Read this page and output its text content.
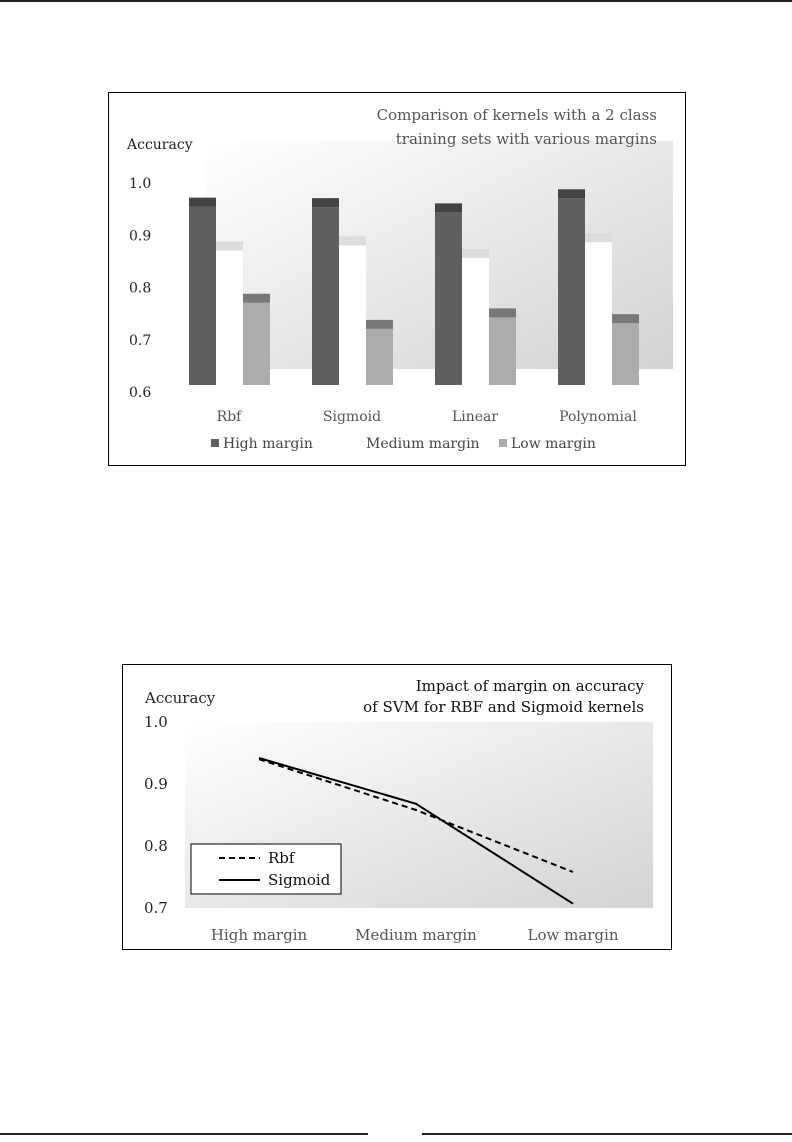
Comparison of kernels with a 2 class
training sets with various margins
Accuracy
1.0
0.9
0.8
0.7
0.6
Rbf	Sigmoid	Linear	Polynomial
High margin	Medium margin Low margin
Impact of margin on accuracy
of SVM for RBF and Sigmoid kernels
Accuracy
1.0
0.9
0.8
0.7
High margin	Medium margin	Low margin
Rbf
Sigmoid
